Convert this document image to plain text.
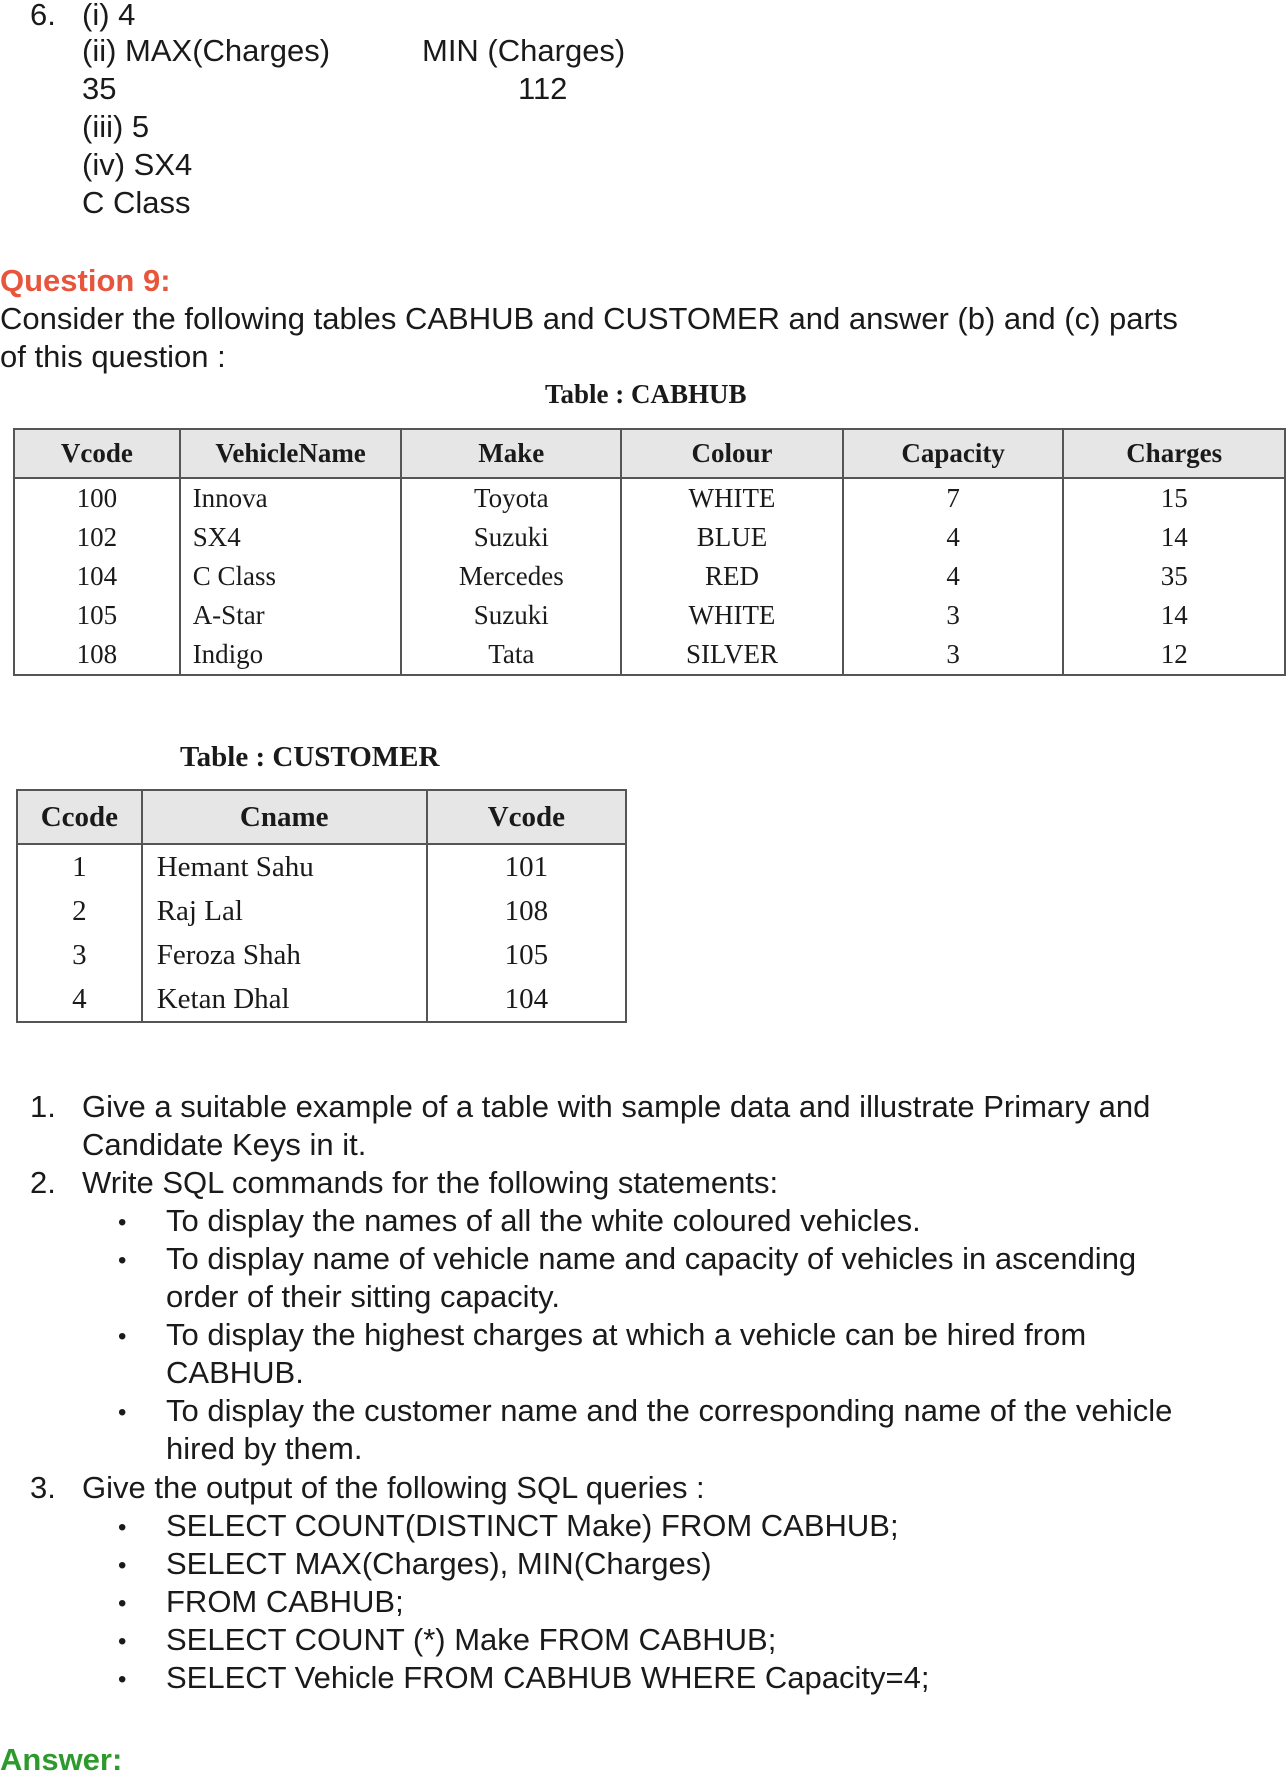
6. (i) 4
(ii) MAX(Charges)	MIN (Charges)
35	112
(iii) 5
(iv) SX4
C Class
Question 9:
Consider the following tables CABHUB and CUSTOMER and answer (b) and (c) parts
of this question :
Table : CABHUB
Vcode	VehicleName	Make	Colour	Capacity	Charges
100	Innova	Toyota	WHITE	7	15
102	SX4	Suzuki	BLUE	4	14
104	C Class	Mercedes	RED	4	35
105	A-Star	Suzuki	WHITE	3	14
108	Indigo	Tata	SILVER	3	12
Table : CUSTOMER
Ccode	Cname	Vcode
1	Hemant Sahu	101
2	Raj Lal	108
3	Feroza Shah	105
4	Ketan Dhal	104
1. Give a suitable example of a table with sample data and illustrate Primary and
Candidate Keys in it.
2. Write SQL commands for the following statements:
• To display the names of all the white coloured vehicles.
• To display name of vehicle name and capacity of vehicles in ascending
order of their sitting capacity.
• To display the highest charges at which a vehicle can be hired from
CABHUB.
• To display the customer name and the corresponding name of the vehicle
hired by them.
3. Give the output of the following SQL queries :
• SELECT COUNT(DISTINCT Make) FROM CABHUB;
• SELECT MAX(Charges), MIN(Charges)
• FROM CABHUB;
• SELECT COUNT (*) Make FROM CABHUB;
• SELECT Vehicle FROM CABHUB WHERE Capacity=4;
Answer:
